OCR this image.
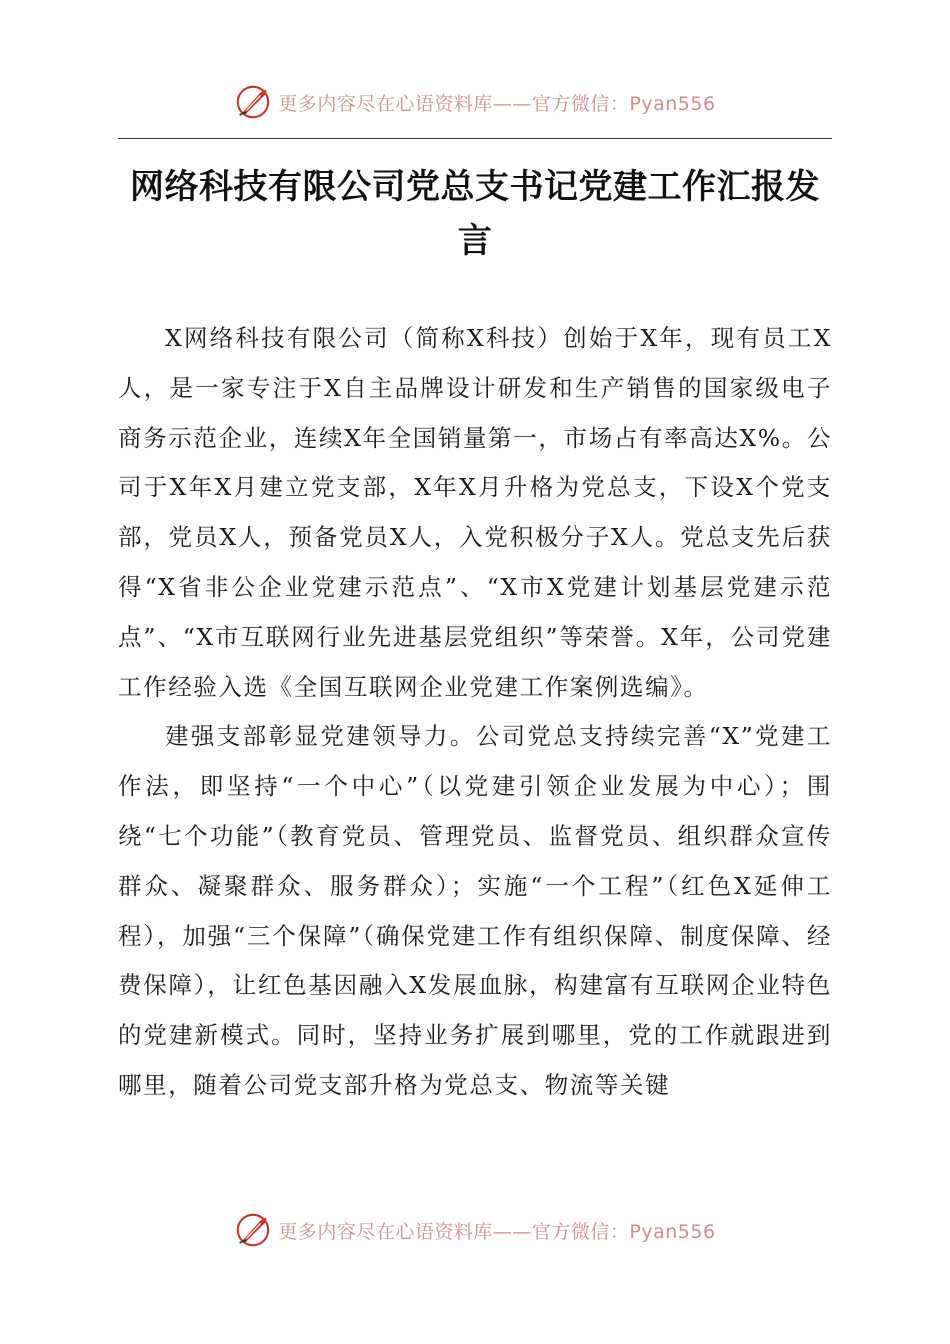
更多内容尽在心语资料库——官方微信：Pyan556
网络科技有限公司党总支书记党建工作汇报发言

X网络科技有限公司（简称X科技）创始于X年，现有员工X人，是一家专注于X自主品牌设计研发和生产销售的国家级电子商务示范企业，连续X年全国销量第一，市场占有率高达X%。公司于X年X月建立党支部，X年X月升格为党总支，下设X个党支部，党员X人，预备党员X人，入党积极分子X人。党总支先后获得“X省非公企业党建示范点”、“X市X党建计划基层党建示范点”、“X市互联网行业先进基层党组织”等荣誉。X年，公司党建工作经验入选《全国互联网企业党建工作案例选编》。

建强支部彰显党建领导力。公司党总支持续完善“X”党建工作法，即坚持“一个中心”（以党建引领企业发展为中心）；围绕“七个功能”（教育党员、管理党员、监督党员、组织群众宣传群众、凝聚群众、服务群众）；实施“一个工程”（红色X延伸工程），加强“三个保障”（确保党建工作有组织保障、制度保障、经费保障），让红色基因融入X发展血脉，构建富有互联网企业特色的党建新模式。同时，坚持业务扩展到哪里，党的工作就跟进到哪里，随着公司党支部升格为党总支、物流等关键

更多内容尽在心语资料库——官方微信：Pyan556
